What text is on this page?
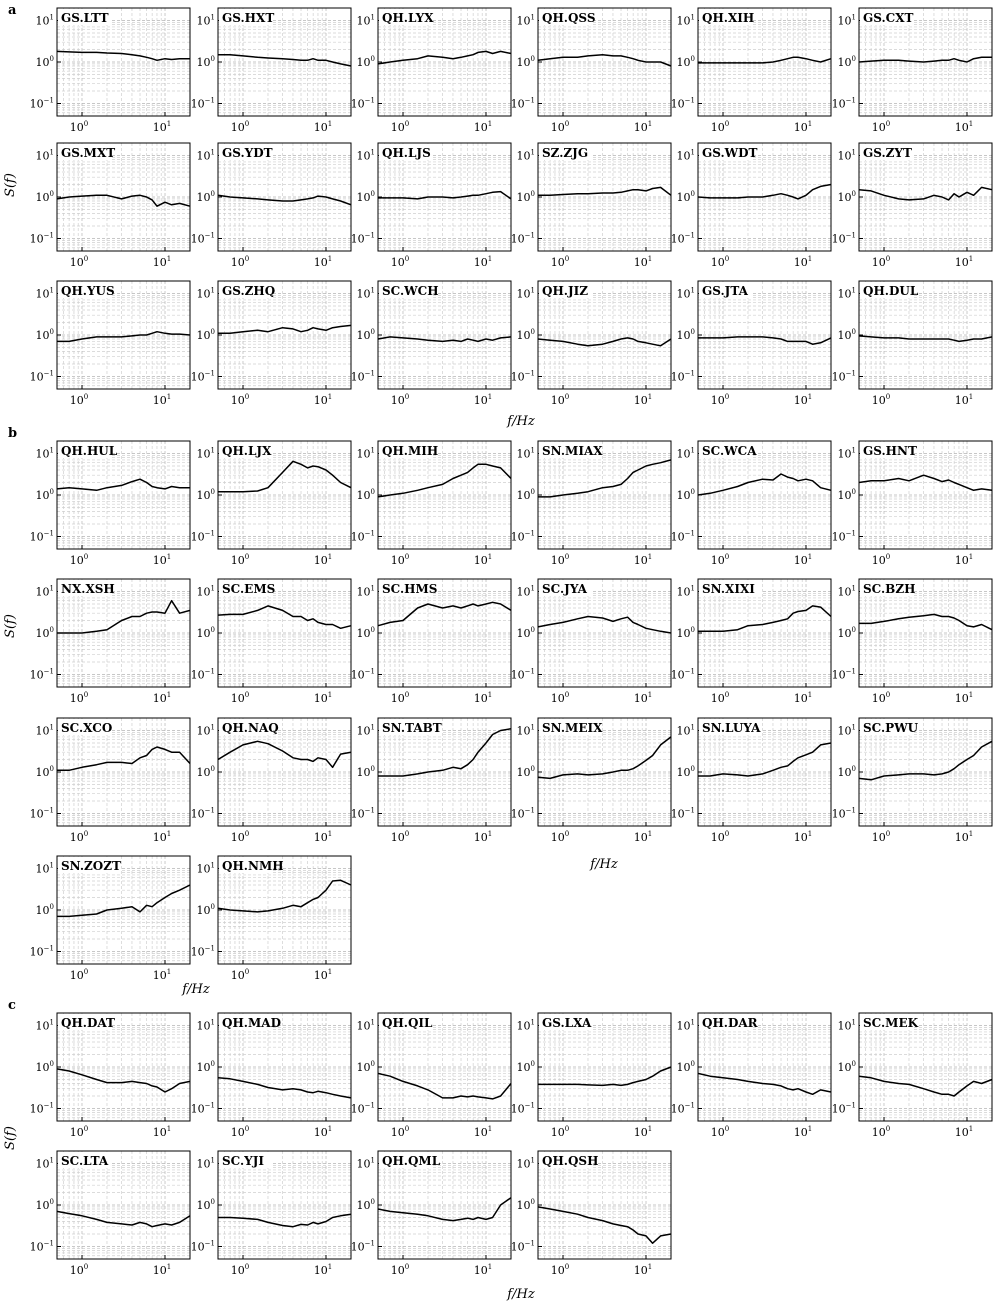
a
S(f)
f/Hz
$10^{-1}$
$10^0$
$10^1$
$10^0$	$10^1$
GS.LTT
$10^{-1}$
$10^0$
$10^1$
$10^0$	$10^1$
GS.HXT
$10^{-1}$
$10^0$
$10^1$
$10^0$	$10^1$
QH.LYX
$10^{-1}$
$10^0$
$10^1$
$10^0$	$10^1$
QH.QSS
$10^{-1}$
$10^0$
$10^1$
$10^0$	$10^1$
QH.XIH
$10^{-1}$
$10^0$
$10^1$
$10^0$	$10^1$
GS.CXT
$10^{-1}$
$10^0$
$10^1$
$10^0$	$10^1$
GS.MXT
$10^{-1}$
$10^0$
$10^1$
$10^0$	$10^1$
GS.YDT
$10^{-1}$
$10^0$
$10^1$
$10^0$	$10^1$
QH.LJS
$10^{-1}$
$10^0$
$10^1$
$10^0$	$10^1$
SZ.ZJG
$10^{-1}$
$10^0$
$10^1$
$10^0$	$10^1$
GS.WDT
$10^{-1}$
$10^0$
$10^1$
$10^0$	$10^1$
GS.ZYT
$10^{-1}$
$10^0$
$10^1$
$10^0$	$10^1$
QH.YUS
$10^{-1}$
$10^0$
$10^1$
$10^0$	$10^1$
GS.ZHQ
$10^{-1}$
$10^0$
$10^1$
$10^0$	$10^1$
SC.WCH
$10^{-1}$
$10^0$
$10^1$
$10^0$	$10^1$
QH.JIZ
$10^{-1}$
$10^0$
$10^1$
$10^0$	$10^1$
GS.JTA
$10^{-1}$
$10^0$
$10^1$
$10^0$	$10^1$
QH.DUL
b
S(f)
f/Hz
$10^{-1}$
$10^0$
$10^1$
$10^0$	$10^1$
QH.HUL
$10^{-1}$
$10^0$
$10^1$
$10^0$	$10^1$
QH.LJX
$10^{-1}$
$10^0$
$10^1$
$10^0$	$10^1$
QH.MIH
$10^{-1}$
$10^0$
$10^1$
$10^0$	$10^1$
SN.MIAX
$10^{-1}$
$10^0$
$10^1$
$10^0$	$10^1$
SC.WCA
$10^{-1}$
$10^0$
$10^1$
$10^0$	$10^1$
GS.HNT
$10^{-1}$
$10^0$
$10^1$
$10^0$	$10^1$
NX.XSH
$10^{-1}$
$10^0$
$10^1$
$10^0$	$10^1$
SC.EMS
$10^{-1}$
$10^0$
$10^1$
$10^0$	$10^1$
SC.HMS
$10^{-1}$
$10^0$
$10^1$
$10^0$	$10^1$
SC.JYA
$10^{-1}$
$10^0$
$10^1$
$10^0$	$10^1$
SN.XIXI
$10^{-1}$
$10^0$
$10^1$
$10^0$	$10^1$
SC.BZH
$10^{-1}$
$10^0$
$10^1$
$10^0$	$10^1$
SC.XCO
$10^{-1}$
$10^0$
$10^1$
$10^0$	$10^1$
QH.NAQ
$10^{-1}$
$10^0$
$10^1$
$10^0$	$10^1$
SN.TABT
$10^{-1}$
$10^0$
$10^1$
$10^0$	$10^1$
SN.MEIX
$10^{-1}$
$10^0$
$10^1$
$10^0$	$10^1$
SN.LUYA
$10^{-1}$
$10^0$
$10^1$
$10^0$	$10^1$
SC.PWU
f/Hz
$10^{-1}$
$10^0$
$10^1$
$10^0$	$10^1$
SN.ZOZT
$10^{-1}$
$10^0$
$10^1$
$10^0$	$10^1$
QH.NMH
c
S(f)
f/Hz
$10^{-1}$
$10^0$
$10^1$
$10^0$	$10^1$
QH.DAT
$10^{-1}$
$10^0$
$10^1$
$10^0$	$10^1$
QH.MAD
$10^{-1}$
$10^0$
$10^1$
$10^0$	$10^1$
QH.QIL
$10^{-1}$
$10^0$
$10^1$
$10^0$	$10^1$
GS.LXA
$10^{-1}$
$10^0$
$10^1$
$10^0$	$10^1$
QH.DAR
$10^{-1}$
$10^0$
$10^1$
$10^0$	$10^1$
SC.MEK
$10^{-1}$
$10^0$
$10^1$
$10^0$	$10^1$
SC.LTA
$10^{-1}$
$10^0$
$10^1$
$10^0$	$10^1$
SC.YJI
$10^{-1}$
$10^0$
$10^1$
$10^0$	$10^1$
QH.QML
$10^{-1}$
$10^0$
$10^1$
$10^0$	$10^1$
QH.QSH
